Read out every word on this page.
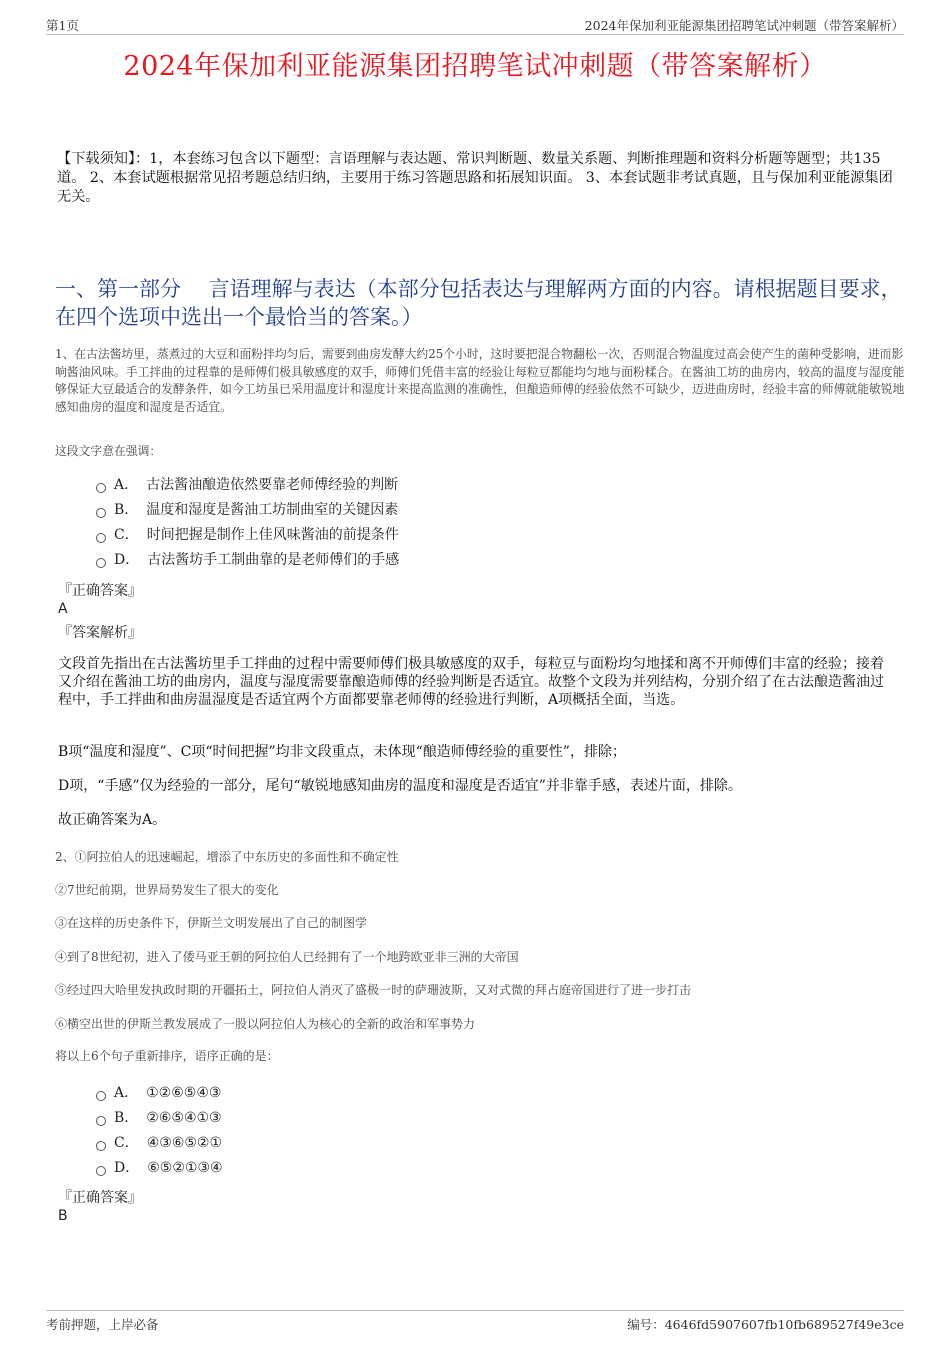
第1页	2024年保加利亚能源集团招聘笔试冲刺题（带答案解析）
2024年保加利亚能源集团招聘笔试冲刺题（带答案解析）
【下载须知】：1，本套练习包含以下题型：言语理解与表达题、常识判断题、数量关系题、判断推理题和资料分析题等题型；共135道。 2、本套试题根据常见招考题总结归纳，主要用于练习答题思路和拓展知识面。 3、本套试题非考试真题，且与保加利亚能源集团无关。
一、第一部分　 言语理解与表达（本部分包括表达与理解两方面的内容。请根据题目要求，在四个选项中选出一个最恰当的答案。）
1、在古法酱坊里，蒸煮过的大豆和面粉拌均匀后，需要到曲房发酵大约25个小时，这时要把混合物翻松一次，否则混合物温度过高会使产生的菌种受影响，进而影响酱油风味。手工拌曲的过程靠的是师傅们极具敏感度的双手，师傅们凭借丰富的经验让每粒豆都能均匀地与面粉糅合。在酱油工坊的曲房内，较高的温度与湿度能够保证大豆最适合的发酵条件，如今工坊虽已采用温度计和湿度计来提高监测的准确性，但酿造师傅的经验依然不可缺少，迈进曲房时，经验丰富的师傅就能敏锐地感知曲房的温度和湿度是否适宜。
这段文字意在强调：
A． 古法酱油酿造依然要靠老师傅经验的判断
B． 温度和湿度是酱油工坊制曲室的关键因素
C． 时间把握是制作上佳风味酱油的前提条件
D． 古法酱坊手工制曲靠的是老师傅们的手感
『正确答案』
A
『答案解析』
文段首先指出在古法酱坊里手工拌曲的过程中需要师傅们极具敏感度的双手，每粒豆与面粉均匀地揉和离不开师傅们丰富的经验；接着又介绍在酱油工坊的曲房内，温度与湿度需要靠酿造师傅的经验判断是否适宜。故整个文段为并列结构，分别介绍了在古法酿造酱油过程中，手工拌曲和曲房温湿度是否适宜两个方面都要靠老师傅的经验进行判断，A项概括全面，当选。
B项“温度和湿度”、C项“时间把握”均非文段重点，未体现“酿造师傅经验的重要性”，排除；
D项，“手感”仅为经验的一部分，尾句“敏锐地感知曲房的温度和湿度是否适宜”并非靠手感，表述片面，排除。
故正确答案为A。
2、①阿拉伯人的迅速崛起，增添了中东历史的多面性和不确定性
②7世纪前期，世界局势发生了很大的变化
③在这样的历史条件下，伊斯兰文明发展出了自己的制图学
④到了8世纪初，进入了倭马亚王朝的阿拉伯人已经拥有了一个地跨欧亚非三洲的大帝国
⑤经过四大哈里发执政时期的开疆拓土，阿拉伯人消灭了盛极一时的萨珊波斯，又对式微的拜占庭帝国进行了进一步打击
⑥横空出世的伊斯兰教发展成了一股以阿拉伯人为核心的全新的政治和军事势力
将以上6个句子重新排序，语序正确的是：
A． ①②⑥⑤④③
B． ②⑥⑤④①③
C． ④③⑥⑤②①
D． ⑥⑤②①③④
『正确答案』
B
考前押题，上岸必备	编号：4646fd5907607fb10fb689527f49e3ce
